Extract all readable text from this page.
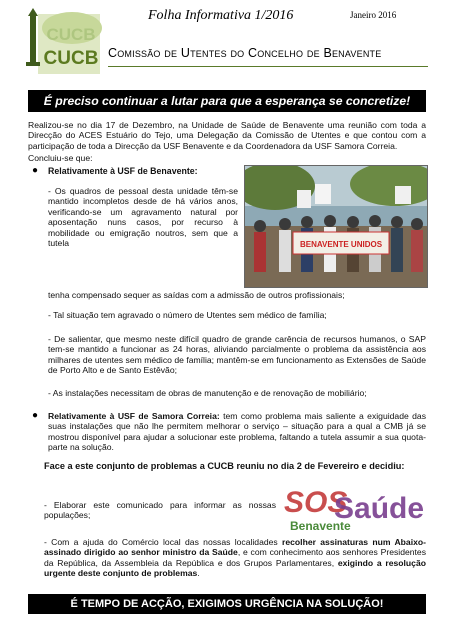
CUCB
CUCB
Folha Informativa 1/2016	Janeiro 2016
Comissão de Utentes do Concelho de Benavente
É preciso continuar a lutar para que a esperança se concretize!
Realizou-se no dia 17 de Dezembro, na Unidade de Saúde de Benavente uma reunião com toda a Direcção do ACES Estuário do Tejo, uma Delegação da Comissão de Utentes e que contou com a participação de toda a Direcção da USF Benavente e da Coordenadora da USF Samora Correia.
Concluiu-se que:
● Relativamente à USF de Benavente:
- Os quadros de pessoal desta unidade têm-se mantido incompletos desde de há vários anos, verificando-se um agravamento natural por aposentação nuns casos, por recurso à mobilidade ou emigração noutros, sem que a tutela	BENAVENTE UNIDOS
tenha compensado sequer as saídas com a admissão de outros profissionais;
- Tal situação tem agravado o número de Utentes sem médico de família;
- De salientar, que mesmo neste difícil quadro de grande carência de recursos humanos, o SAP tem-se mantido a funcionar as 24 horas, aliviando parcialmente o problema da assistência aos milhares de utentes sem médico de família; mantêm-se em funcionamento as Extensões de Saúde de Porto Alto e de Santo Estêvão;
- As instalações necessitam de obras de manutenção e de renovação de mobiliário;
● Relativamente à USF de Samora Correia: tem como problema mais saliente a exiguidade das suas instalações que não lhe permitem melhorar o serviço – situação para a qual a CMB já se mostrou disponível para ajudar a solucionar este problema, faltando a tutela assumir a sua quota-parte na solução.
Face a este conjunto de problemas a CUCB reuniu no dia 2 de Fevereiro e decidiu:
- Elaborar este comunicado para informar as nossas populações;	SOS
Saúde
Benavente
- Com a ajuda do Comércio local das nossas localidades recolher assinaturas num Abaixo-assinado dirigido ao senhor ministro da Saúde, e com conhecimento aos senhores Presidentes da República, da Assembleia da República e dos Grupos Parlamentares, exigindo a resolução urgente deste conjunto de problemas.
É TEMPO DE ACÇÃO, EXIGIMOS URGÊNCIA NA SOLUÇÃO!
